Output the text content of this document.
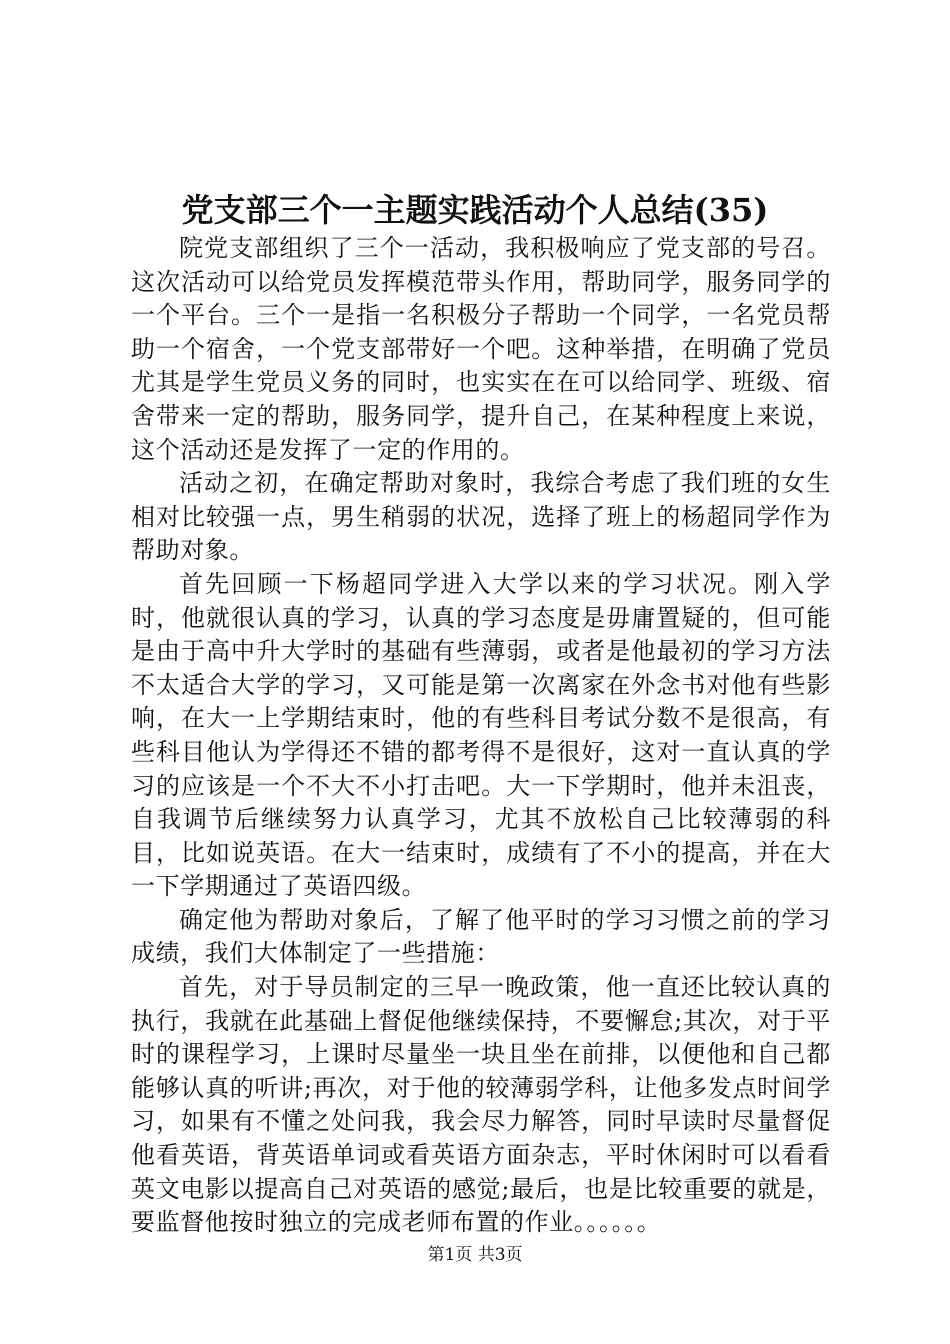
党支部三个一主题实践活动个人总结(35)

院党支部组织了三个一活动，我积极响应了党支部的号召。这次活动可以给党员发挥模范带头作用，帮助同学，服务同学的一个平台。三个一是指一名积极分子帮助一个同学，一名党员帮助一个宿舍，一个党支部带好一个吧。这种举措，在明确了党员尤其是学生党员义务的同时，也实实在在可以给同学、班级、宿舍带来一定的帮助，服务同学，提升自己，在某种程度上来说，这个活动还是发挥了一定的作用的。

活动之初，在确定帮助对象时，我综合考虑了我们班的女生相对比较强一点，男生稍弱的状况，选择了班上的杨超同学作为帮助对象。

首先回顾一下杨超同学进入大学以来的学习状况。刚入学时，他就很认真的学习，认真的学习态度是毋庸置疑的，但可能是由于高中升大学时的基础有些薄弱，或者是他最初的学习方法不太适合大学的学习，又可能是第一次离家在外念书对他有些影响，在大一上学期结束时，他的有些科目考试分数不是很高，有些科目他认为学得还不错的都考得不是很好，这对一直认真的学习的应该是一个不大不小打击吧。大一下学期时，他并未沮丧，自我调节后继续努力认真学习，尤其不放松自己比较薄弱的科目，比如说英语。在大一结束时，成绩有了不小的提高，并在大一下学期通过了英语四级。

确定他为帮助对象后，了解了他平时的学习习惯之前的学习成绩，我们大体制定了一些措施：

首先，对于导员制定的三早一晚政策，他一直还比较认真的执行，我就在此基础上督促他继续保持，不要懈怠;其次，对于平时的课程学习，上课时尽量坐一块且坐在前排，以便他和自己都能够认真的听讲;再次，对于他的较薄弱学科，让他多发点时间学习，如果有不懂之处问我，我会尽力解答，同时早读时尽量督促他看英语，背英语单词或看英语方面杂志，平时休闲时可以看看英文电影以提高自己对英语的感觉;最后，也是比较重要的就是，要监督他按时独立的完成老师布置的作业。。。。。。

第1页 共3页
